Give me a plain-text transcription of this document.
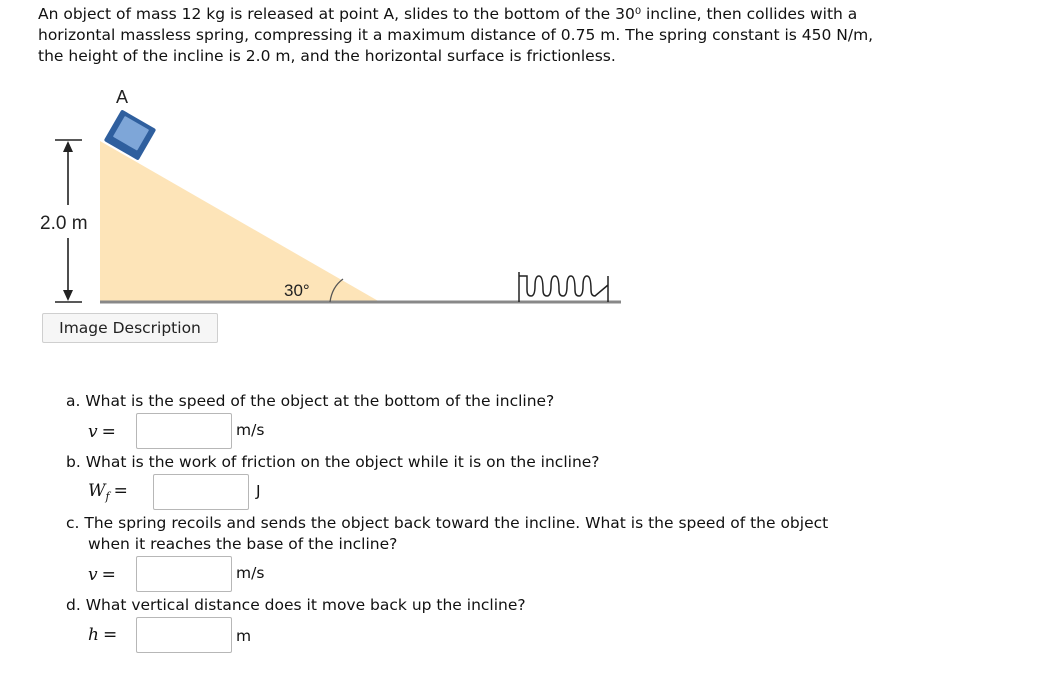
An object of mass 12 kg is released at point A, slides to the bottom of the 30⁰ incline, then collides with a
horizontal massless spring, compressing it a maximum distance of 0.75 m. The spring constant is 450 N/m,
the height of the incline is 2.0 m, and the horizontal surface is frictionless.

2.0 m
A
30°
Image Description
a. What is the speed of the object at the bottom of the incline?
v =	m/s
b. What is the work of friction on the object while it is on the incline?
$W_f$ =	J
c. The spring recoils and sends the object back toward the incline. What is the speed of the object
when it reaches the base of the incline?
v =	m/s
d. What vertical distance does it move back up the incline?
h =	m
